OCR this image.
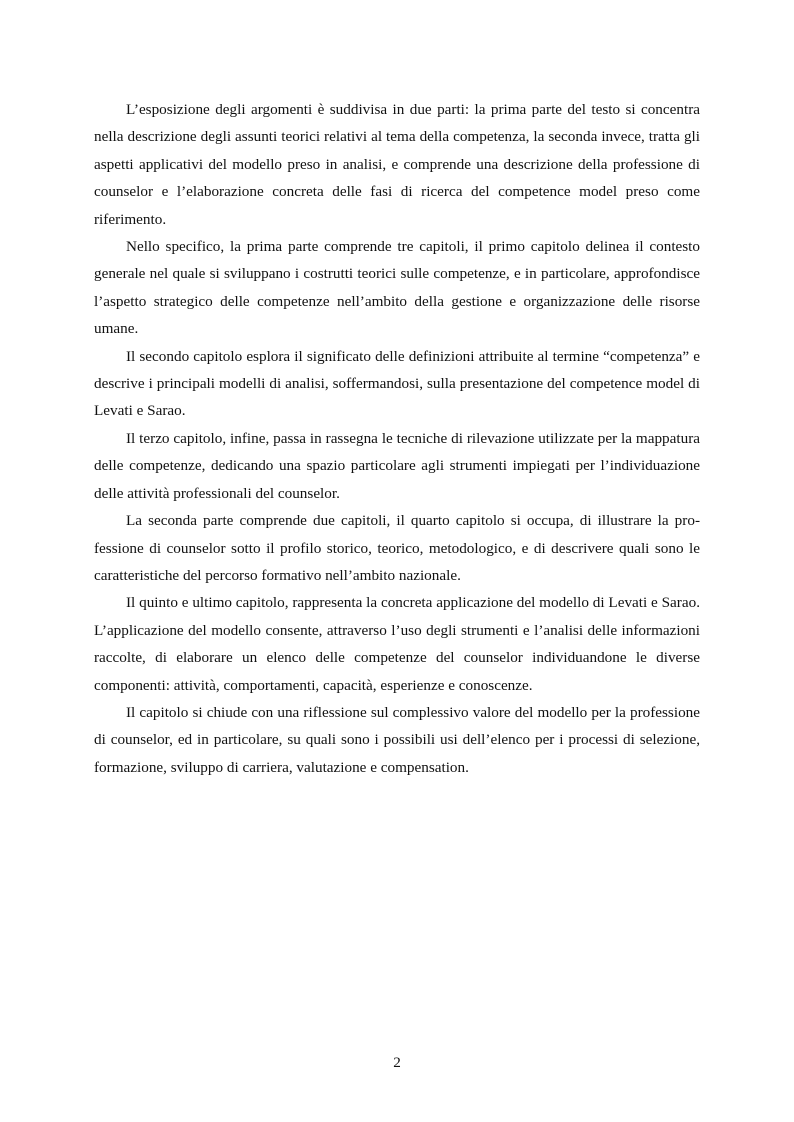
L’esposizione degli argomenti è suddivisa in due parti: la prima parte del testo si concentra nella descrizione degli assunti teorici relativi al tema della competenza, la seconda invece, tratta gli aspetti applicativi del modello preso in analisi, e comprende una descrizione della professione di counselor e l’elaborazione concreta delle fasi di ricerca del competence model preso come riferimento.

Nello specifico, la prima parte comprende tre capitoli, il primo capitolo delinea il contesto generale nel quale si sviluppano i costrutti teorici sulle competenze, e in particolare, approfondisce l’aspetto strategico delle competenze nell’ambito della gestione e organizzazione delle risorse umane.

Il secondo capitolo esplora il significato delle definizioni attribuite al termine “competenza” e descrive i principali modelli di analisi, soffermandosi, sulla presentazione del competence model di Levati e Sarao.

Il terzo capitolo, infine, passa in rassegna le tecniche di rilevazione utilizzate per la mappatura delle competenze, dedicando una spazio particolare agli strumenti impiegati per l’individuazione delle attività professionali del counselor.

La seconda parte comprende due capitoli, il quarto capitolo si occupa, di illustrare la professione di counselor sotto il profilo storico, teorico, metodologico, e di descrivere quali sono le caratteristiche del percorso formativo nell’ambito nazionale.

Il quinto e ultimo capitolo, rappresenta la concreta applicazione del modello di Levati e Sarao. L’applicazione del modello consente, attraverso l’uso degli strumenti e l’analisi delle informazioni raccolte, di elaborare un elenco delle competenze del counselor individuandone le diverse componenti: attività, comportamenti, capacità, esperienze e conoscenze.

Il capitolo si chiude con una riflessione sul complessivo valore del modello per la professione di counselor, ed in particolare, su quali sono i possibili usi dell’elenco per i processi di selezione, formazione, sviluppo di carriera, valutazione e compensation.

2
